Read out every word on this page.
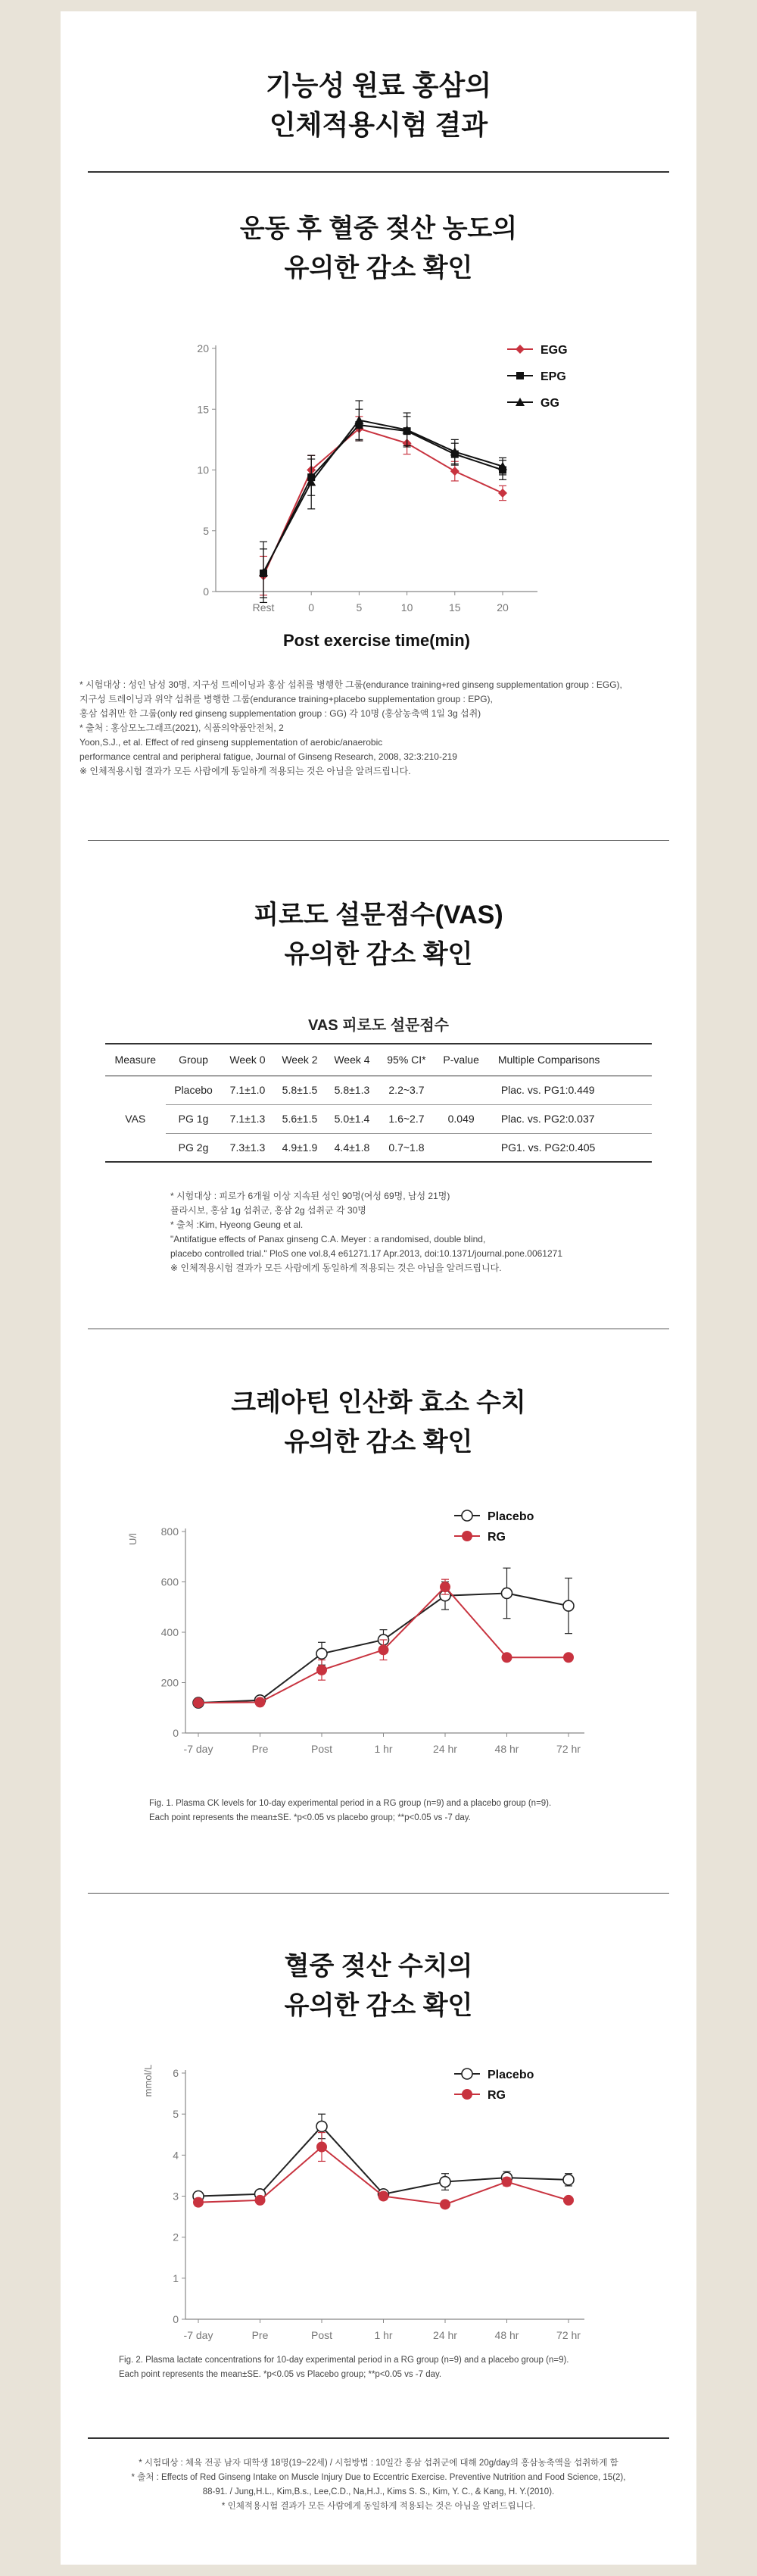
기능성 원료 홍삼의
인체적용시험 결과
운동 후 혈중 젖산 농도의
유의한 감소 확인
0
5
10
15
20
Rest	0	5	10	15	20
Post exercise time(min)
EGG
EPG
GG
* 시험대상 : 성인 남성 30명, 지구성 트레이닝과 홍삼 섭취를 병행한 그룹(endurance training+red ginseng supplementation group : EGG),
지구성 트레이닝과 위약 섭취를 병행한 그룹(endurance training+placebo supplementation group : EPG),
홍삼 섭취만 한 그룹(only red ginseng supplementation group : GG) 각 10명 (홍삼농축액 1일 3g 섭취)
* 출처 : 홍삼모노그래프(2021), 식품의약품안전처, 2
Yoon,S.J., et al. Effect of red ginseng supplementation of aerobic/anaerobic
performance central and peripheral fatigue, Journal of Ginseng Research, 2008, 32:3:210-219
※ 인체적용시험 결과가 모든 사람에게 동일하게 적용되는 것은 아님을 알려드립니다.
피로도 설문점수(VAS)
유의한 감소 확인
VAS 피로도 설문점수
Measure	Group	Week 0	Week 2	Week 4	95% CI*	P-value	Multiple Comparisons
VAS	Placebo	7.1±1.0	5.8±1.5	5.8±1.3	2.2~3.7		Plac. vs. PG1:0.449
	PG 1g	7.1±1.3	5.6±1.5	5.0±1.4	1.6~2.7	0.049	Plac. vs. PG2:0.037
	PG 2g	7.3±1.3	4.9±1.9	4.4±1.8	0.7~1.8		PG1. vs. PG2:0.405
* 시험대상 : 피로가 6개월 이상 지속된 성인 90명(여성 69명, 남성 21명)
플라시보, 홍삼 1g 섭취군, 홍삼 2g 섭취군 각 30명
* 출처 :Kim, Hyeong Geung et al.
"Antifatigue effects of Panax ginseng C.A. Meyer : a randomised, double blind,
placebo controlled trial." PloS one vol.8,4 e61271.17 Apr.2013, doi:10.1371/journal.pone.0061271
※ 인체적용시험 결과가 모든 사람에게 동일하게 적용되는 것은 아님을 알려드립니다.
크레아틴 인산화 효소 수치
유의한 감소 확인
0
200
400
600
800
-7 day	Pre	Post	1 hr	24 hr	48 hr	72 hr
U/l
Placebo
RG
Fig. 1. Plasma CK levels for 10-day experimental period in a RG group (n=9) and a placebo group (n=9).
Each point represents the mean±SE. *p<0.05 vs placebo group; **p<0.05 vs -7 day.
혈중 젖산 수치의
유의한 감소 확인
0
1
2
3
4
5
6
-7 day	Pre	Post	1 hr	24 hr	48 hr	72 hr
mmol/L	Placebo
RG
Fig. 2. Plasma lactate concentrations for 10-day experimental period in a RG group (n=9) and a placebo group (n=9).
Each point represents the mean±SE. *p<0.05 vs Placebo group; **p<0.05 vs -7 day.
* 시험대상 : 체육 전공 남자 대학생 18명(19~22세) / 시험방법 : 10일간 홍삼 섭취군에 대해 20g/day의 홍삼농축액을 섭취하게 함
* 출처 : Effects of Red Ginseng Intake on Muscle Injury Due to Eccentric Exercise. Preventive Nutrition and Food Science, 15(2),
88-91. / Jung,H.L., Kim,B.s., Lee,C.D., Na,H.J., Kims S. S., Kim, Y. C., & Kang, H. Y.(2010).
* 인체적용시험 결과가 모든 사람에게 동일하게 적용되는 것은 아님을 알려드립니다.
